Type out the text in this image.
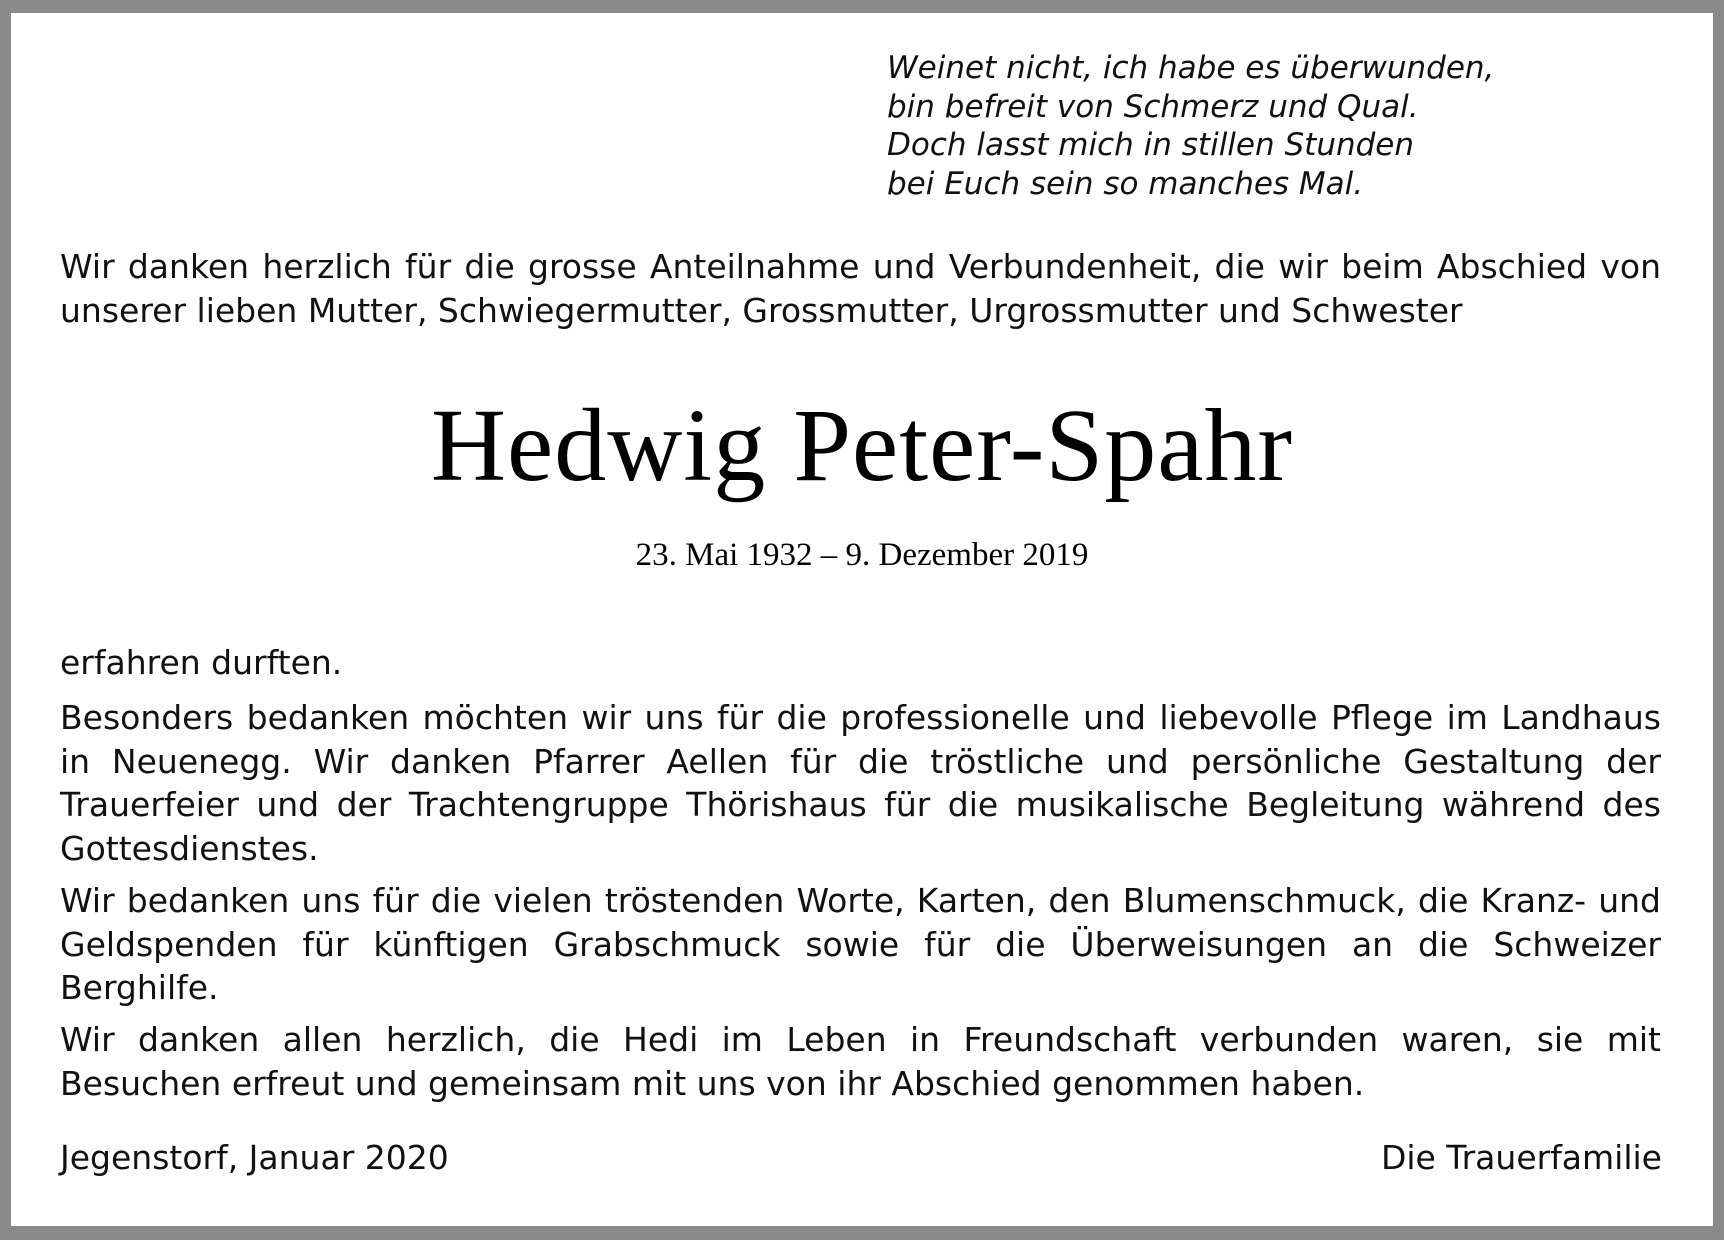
Weinet nicht, ich habe es überwunden,
bin befreit von Schmerz und Qual.
Doch lasst mich in stillen Stunden
bei Euch sein so manches Mal.

Wir danken herzlich für die grosse Anteilnahme und Verbundenheit, die wir beim Abschied von unserer lieben Mutter, Schwiegermutter, Grossmutter, Urgrossmutter und Schwester

erfahren durften.

Besonders bedanken möchten wir uns für die professionelle und liebevolle Pflege im Landhaus in Neuenegg. Wir danken Pfarrer Aellen für die tröstliche und persönliche Gestaltung der Trauerfeier und der Trachtengruppe Thörishaus für die musikalische Begleitung während des Gottesdienstes.

Wir bedanken uns für die vielen tröstenden Worte, Karten, den Blumenschmuck, die Kranz- und Geldspenden für künftigen Grabschmuck sowie für die Überweisungen an die Schweizer Berghilfe.

Wir danken allen herzlich, die Hedi im Leben in Freundschaft verbunden waren, sie mit Besuchen erfreut und gemeinsam mit uns von ihr Abschied genommen haben.

Jegenstorf, Januar 2020	Die Trauerfamilie
Hedwig Peter-Spahr
23. Mai 1932 – 9. Dezember 2019
